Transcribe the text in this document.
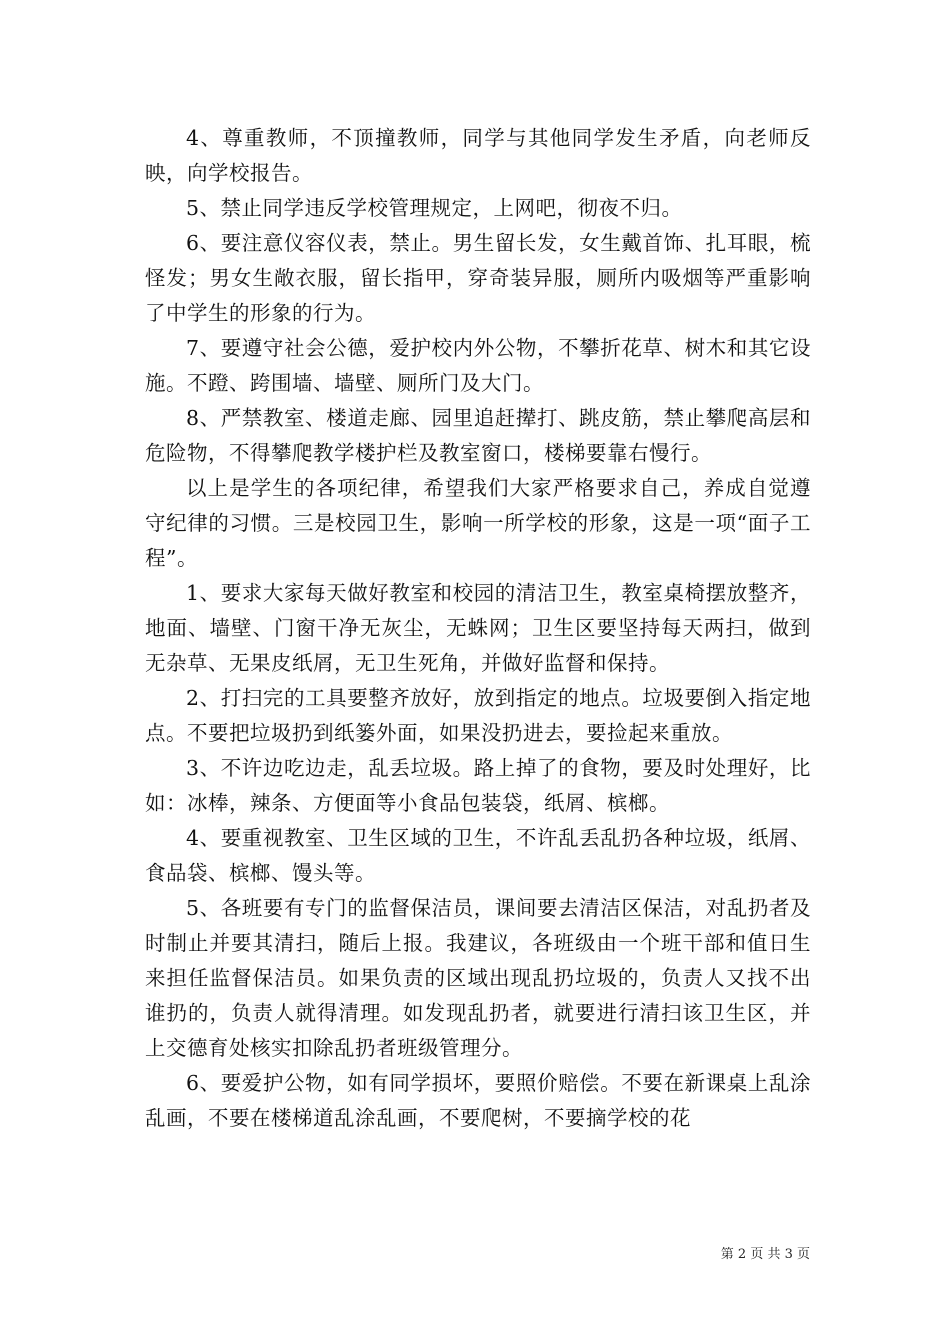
4、尊重教师，不顶撞教师，同学与其他同学发生矛盾，向老师反映，向学校报告。

5、禁止同学违反学校管理规定，上网吧，彻夜不归。

6、要注意仪容仪表，禁止。男生留长发，女生戴首饰、扎耳眼，梳怪发；男女生敞衣服，留长指甲，穿奇装异服，厕所内吸烟等严重影响了中学生的形象的行为。

7、要遵守社会公德，爱护校内外公物，不攀折花草、树木和其它设施。不蹬、跨围墙、墙壁、厕所门及大门。

8、严禁教室、楼道走廊、园里追赶撵打、跳皮筋，禁止攀爬高层和危险物，不得攀爬教学楼护栏及教室窗口，楼梯要靠右慢行。

以上是学生的各项纪律，希望我们大家严格要求自己，养成自觉遵守纪律的习惯。三是校园卫生，影响一所学校的形象，这是一项“面子工程”。

1、要求大家每天做好教室和校园的清洁卫生，教室桌椅摆放整齐，地面、墙壁、门窗干净无灰尘，无蛛网；卫生区要坚持每天两扫，做到无杂草、无果皮纸屑，无卫生死角，并做好监督和保持。

2、打扫完的工具要整齐放好，放到指定的地点。垃圾要倒入指定地点。不要把垃圾扔到纸篓外面，如果没扔进去，要捡起来重放。

3、不许边吃边走，乱丢垃圾。路上掉了的食物，要及时处理好，比如：冰棒，辣条、方便面等小食品包装袋，纸屑、槟榔。

4、要重视教室、卫生区域的卫生，不许乱丢乱扔各种垃圾，纸屑、食品袋、槟榔、馒头等。

5、各班要有专门的监督保洁员，课间要去清洁区保洁，对乱扔者及时制止并要其清扫，随后上报。我建议，各班级由一个班干部和值日生来担任监督保洁员。如果负责的区域出现乱扔垃圾的，负责人又找不出谁扔的，负责人就得清理。如发现乱扔者，就要进行清扫该卫生区，并上交德育处核实扣除乱扔者班级管理分。

6、要爱护公物，如有同学损坏，要照价赔偿。不要在新课桌上乱涂乱画，不要在楼梯道乱涂乱画，不要爬树，不要摘学校的花

第 2 页 共 3 页
